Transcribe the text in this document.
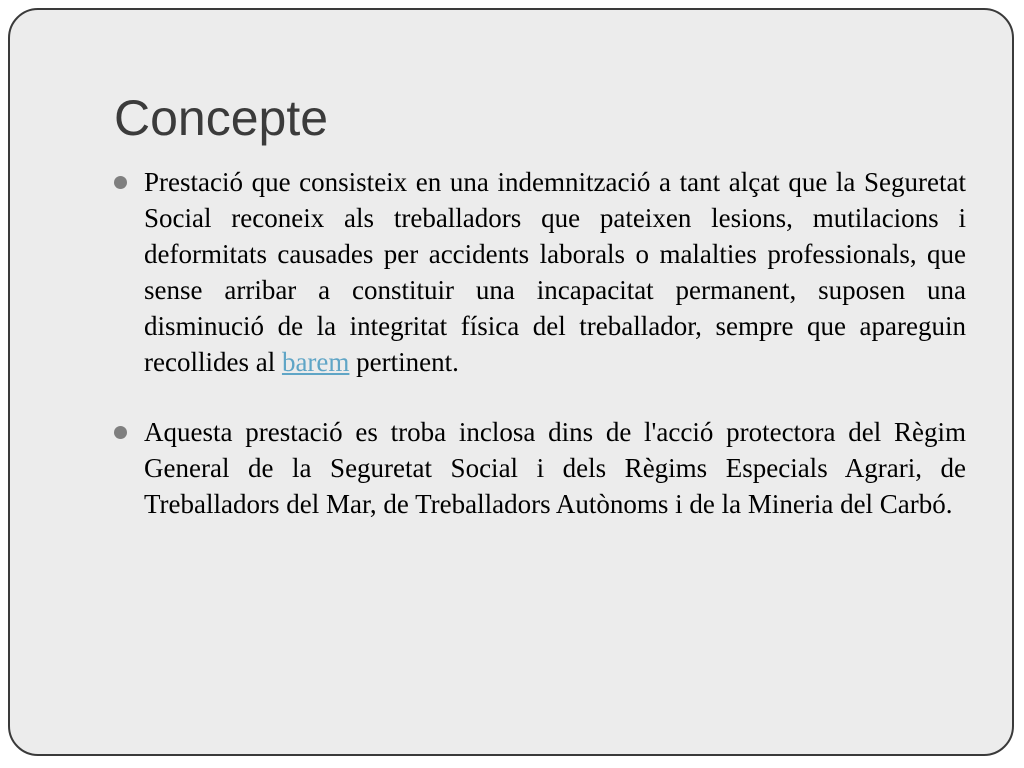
Concepte
Prestació que consisteix en una indemnització a tant alçat que la Seguretat Social reconeix als treballadors que pateixen lesions, mutilacions i deformitats causades per accidents laborals o malalties professionals, que sense arribar a constituir una incapacitat permanent, suposen una disminució de la integritat física del treballador, sempre que apareguin recollides al barem pertinent.
Aquesta prestació es troba inclosa dins de l'acció protectora del Règim General de la Seguretat Social i dels Règims Especials Agrari, de Treballadors del Mar, de Treballadors Autònoms i de la Mineria del Carbó.
